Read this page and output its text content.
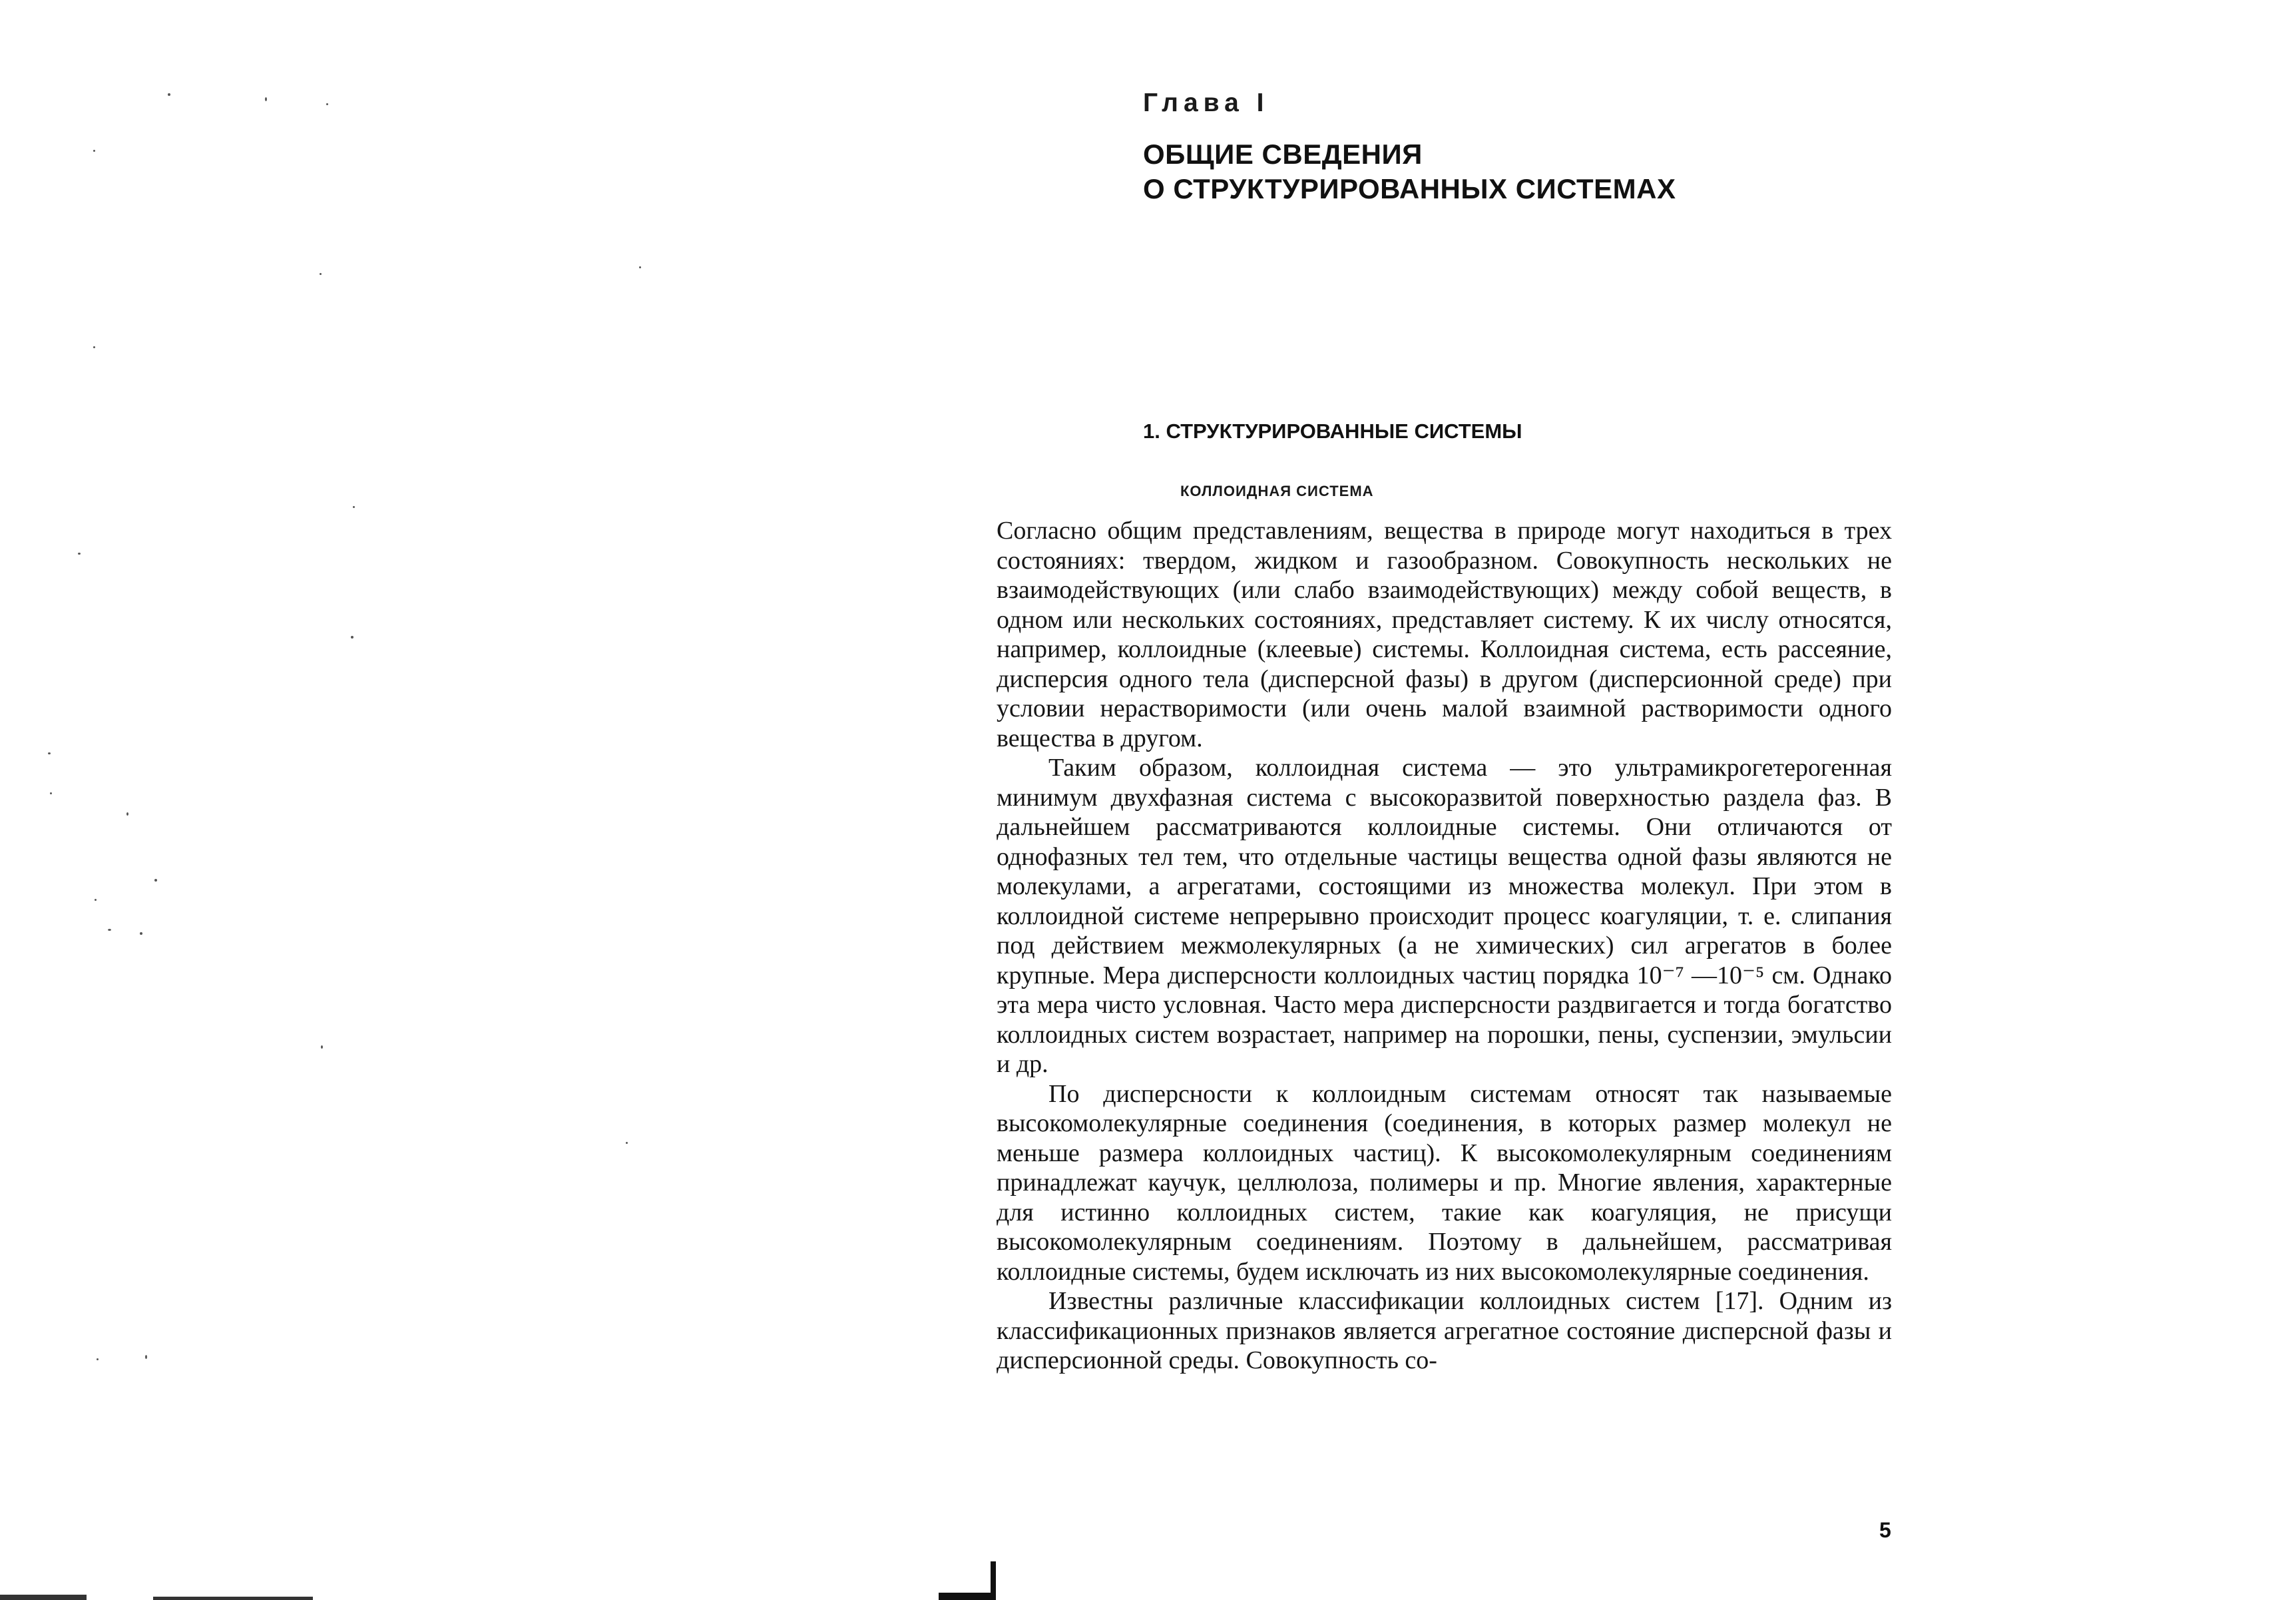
Глава I
ОБЩИЕ СВЕДЕНИЯ
О СТРУКТУРИРОВАННЫХ СИСТЕМАХ
1. СТРУКТУРИРОВАННЫЕ СИСТЕМЫ
КОЛЛОИДНАЯ СИСТЕМА

Согласно общим представлениям, вещества в природе могут находиться в трех состояниях: твердом, жидком и газообразном. Совокупность нескольких не взаимодействующих (или слабо взаимодействующих) между собой веществ, в одном или нескольких состояниях, представляет систему. К их числу относятся, например, коллоидные (клеевые) системы. Коллоидная система, есть рассеяние, дисперсия одного тела (дисперсной фазы) в другом (дисперсионной среде) при условии нерастворимости (или очень малой взаимной растворимости одного вещества в другом.

Таким образом, коллоидная система — это ультрамикрогетерогенная минимум двухфазная система с высокоразвитой поверхностью раздела фаз. В дальнейшем рассматриваются коллоидные системы. Они отличаются от однофазных тел тем, что отдельные частицы вещества одной фазы являются не молекулами, а агрегатами, состоящими из множества молекул. При этом в коллоидной системе непрерывно происходит процесс коагуляции, т. е. слипания под действием межмолекулярных (а не химических) сил агрегатов в более крупные. Мера дисперсности коллоидных частиц порядка 10⁻⁷ —10⁻⁵ см. Однако эта мера чисто условная. Часто мера дисперсности раздвигается и тогда богатство коллоидных систем возрастает, например на порошки, пены, суспензии, эмульсии и др.

По дисперсности к коллоидным системам относят так называемые высокомолекулярные соединения (соединения, в которых размер молекул не меньше размера коллоидных частиц). К высокомолекулярным соединениям принадлежат каучук, целлюлоза, полимеры и пр. Многие явления, характерные для истинно коллоидных систем, такие как коагуляция, не присущи высокомолекулярным соединениям. Поэтому в дальнейшем, рассматривая коллоидные системы, будем исключать из них высокомолекулярные соединения.

Известны различные классификации коллоидных систем [17]. Одним из классификационных признаков является агрегатное состояние дисперсной фазы и дисперсионной среды. Совокупность со-

5
